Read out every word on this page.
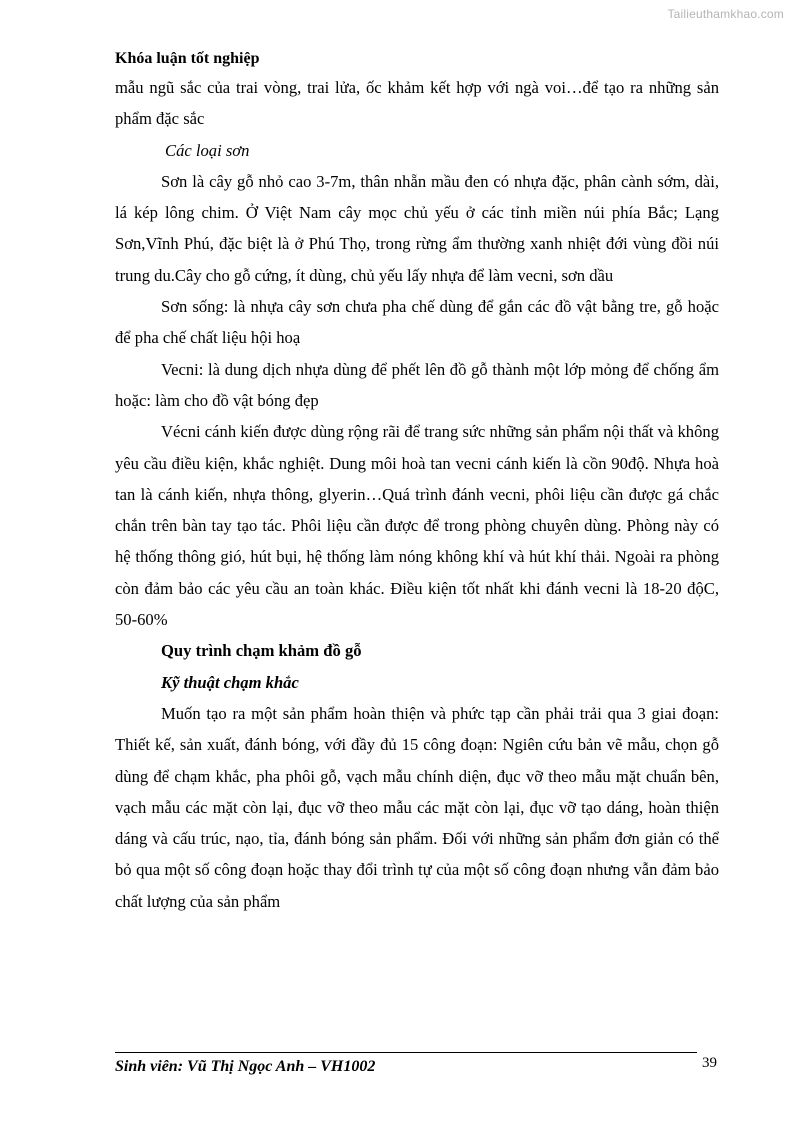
Tailieuthamkhao.com
Khóa luận tốt nghiệp

mẫu ngũ sắc của trai vòng, trai lửa, ốc khảm kết hợp với ngà voi…để tạo ra những sản phẩm đặc sắc

Các loại sơn

Sơn là cây gỗ nhỏ cao 3-7m, thân nhẵn mầu đen có nhựa đặc, phân cành sớm, dài, lá kép lông chim. Ở Việt Nam cây mọc chủ yếu ở các tỉnh miền núi phía Bắc; Lạng Sơn,Vĩnh Phú, đặc biệt là ở Phú Thọ, trong rừng ẩm thường xanh nhiệt đới vùng đồi núi trung du.Cây cho gỗ cứng, ít dùng, chủ yếu lấy nhựa để làm vecni, sơn dầu

Sơn sống: là nhựa cây sơn chưa pha chế dùng để gắn các đồ vật bằng tre, gỗ hoặc để pha chế chất liệu hội hoạ

Vecni: là dung dịch nhựa dùng để phết lên đồ gỗ thành một lớp mỏng để chống ẩm hoặc: làm cho đồ vật bóng đẹp

Vécni cánh kiến được dùng rộng rãi để trang sức những sản phẩm nội thất và không yêu cầu điều kiện, khắc nghiệt. Dung môi hoà tan vecni cánh kiến là cồn 90độ. Nhựa hoà tan là cánh kiến, nhựa thông, glyerin…Quá trình đánh vecni, phôi liệu cần được gá chắc chắn trên bàn tay tạo tác. Phôi liệu cần được để trong phòng chuyên dùng. Phòng này có hệ thống thông gió, hút bụi, hệ thống làm nóng không khí và hút khí thải. Ngoài ra phòng còn đảm bảo các yêu cầu an toàn khác. Điều kiện tốt nhất khi đánh vecni là 18-20 độC, 50-60%

Quy trình chạm khảm đồ gỗ

Kỹ thuật chạm khắc

Muốn tạo ra một sản phẩm hoàn thiện và phức tạp cần phải trải qua 3 giai đoạn: Thiết kế, sản xuất, đánh bóng, với đầy đủ 15 công đoạn: Ngiên cứu bản vẽ mẫu, chọn gỗ dùng để chạm khắc, pha phôi gỗ, vạch mẫu chính diện, đục vỡ theo mẫu mặt chuẩn bên, vạch mẫu các mặt còn lại, đục vỡ theo mẫu các mặt còn lại, đục vỡ tạo dáng, hoàn thiện dáng và cấu trúc, nạo, tỉa, đánh bóng sản phẩm. Đối với những sản phẩm đơn giản có thể bỏ qua một số công đoạn hoặc thay đổi trình tự của một số công đoạn nhưng vẫn đảm bảo chất lượng của sản phẩm

Sinh viên: Vũ Thị Ngọc Anh – VH1002	39
